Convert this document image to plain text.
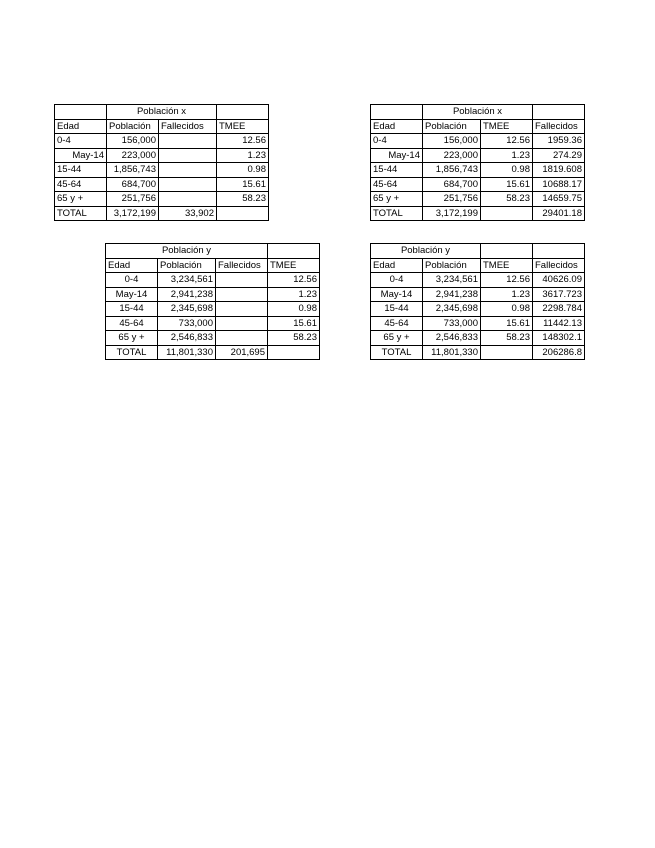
	Población x		
Edad	Población	Fallecidos	TMEE
0-4	156,000		12.56
May-14	223,000		1.23
15-44	1,856,743		0.98
45-64	684,700		15.61
65 y +	251,756		58.23
TOTAL	3,172,199	33,902	
	Población x		
Edad	Población	TMEE	Fallecidos
0-4	156,000	12.56	1959.36
May-14	223,000	1.23	274.29
15-44	1,856,743	0.98	1819.608
45-64	684,700	15.61	10688.17
65 y +	251,756	58.23	14659.75
TOTAL	3,172,199		29401.18
Población y			
Edad	Población	Fallecidos	TMEE
0-4	3,234,561		12.56
May-14	2,941,238		1.23
15-44	2,345,698		0.98
45-64	733,000		15.61
65 y +	2,546,833		58.23
TOTAL	11,801,330	201,695	
Población y			
Edad	Población	TMEE	Fallecidos
0-4	3,234,561	12.56	40626.09
May-14	2,941,238	1.23	3617.723
15-44	2,345,698	0.98	2298.784
45-64	733,000	15.61	11442.13
65 y +	2,546,833	58.23	148302.1
TOTAL	11,801,330		206286.8
